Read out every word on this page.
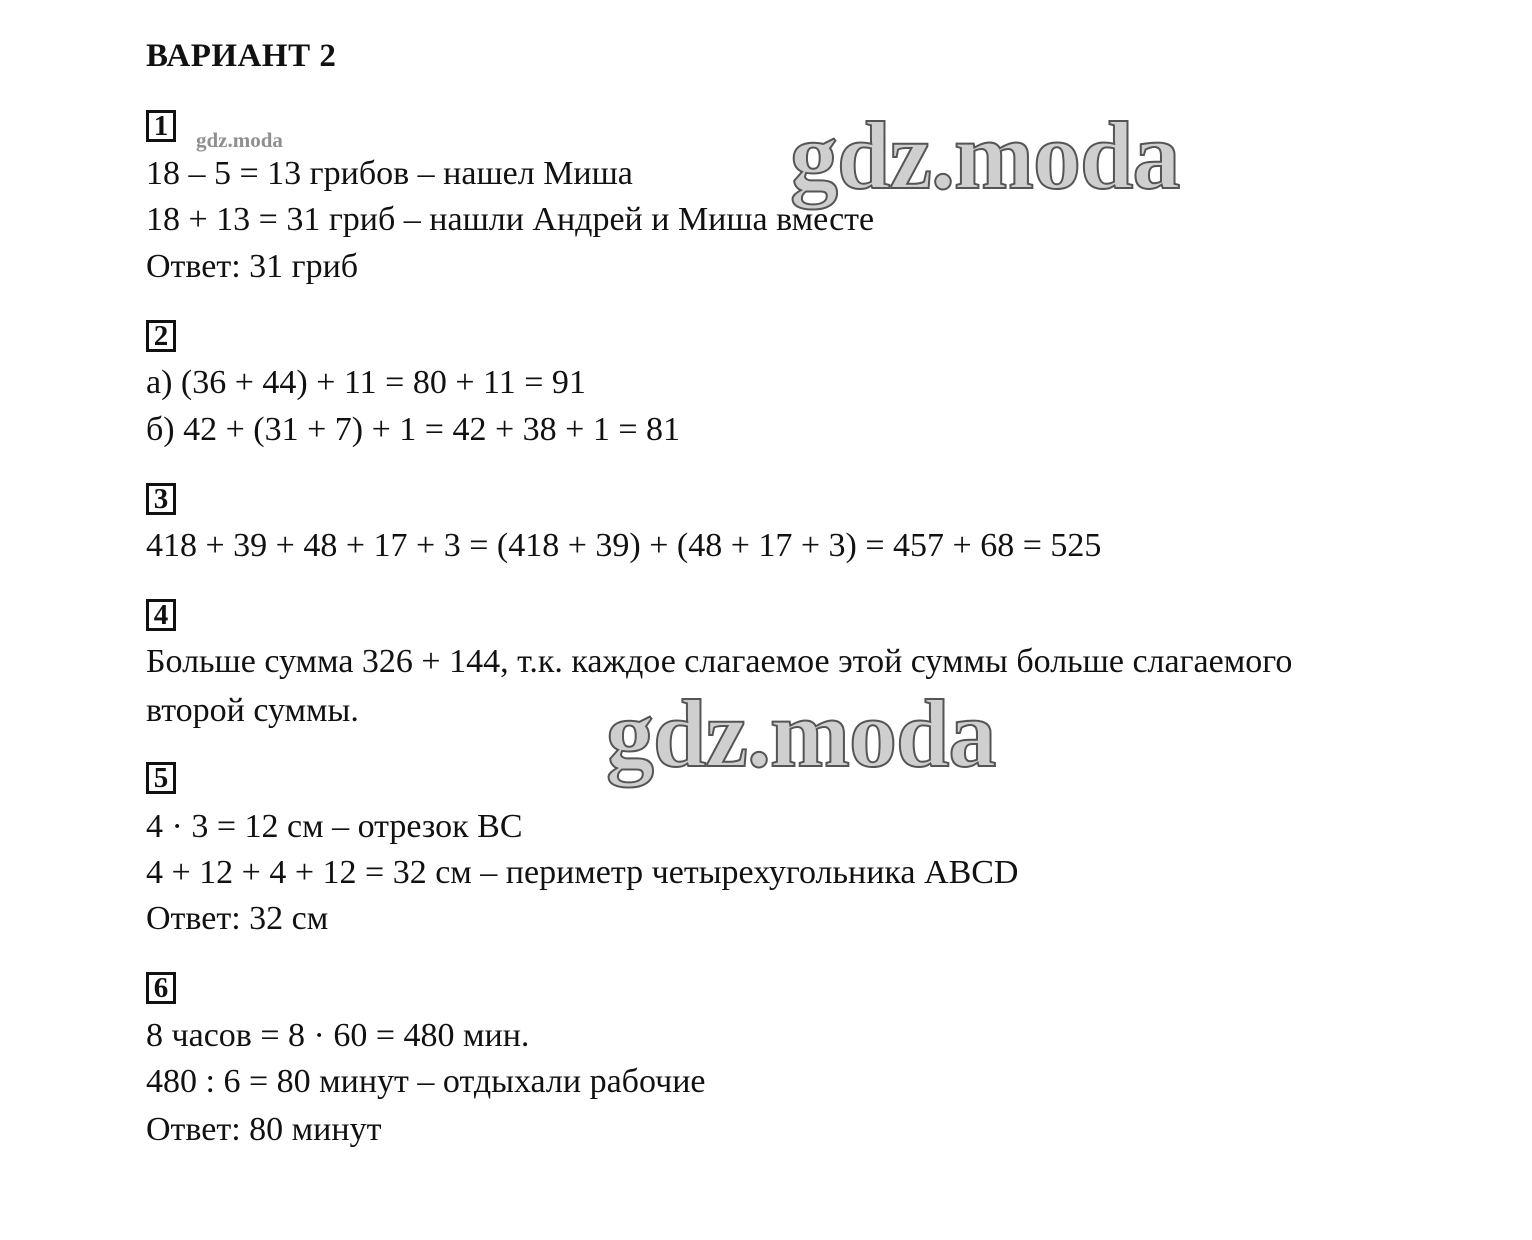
ВАРИАНТ 2
1	gdz.moda
18 – 5 = 13 грибов – нашел Миша
18 + 13 = 31 гриб – нашли Андрей и Миша вместе
Ответ: 31 гриб
2
а) (36 + 44) + 11 = 80 + 11 = 91
б) 42 + (31 + 7) + 1 = 42 + 38 + 1 = 81
3
418 + 39 + 48 + 17 + 3 = (418 + 39) + (48 + 17 + 3) = 457 + 68 = 525
4
Больше сумма 326 + 144, т.к. каждое слагаемое этой суммы больше слагаемого
второй суммы.
5
4 · 3 = 12 см – отрезок ВС
4 + 12 + 4 + 12 = 32 см – периметр четырехугольника ABCD
Ответ: 32 см
6
8 часов = 8 · 60 = 480 мин.
480 : 6 = 80 минут – отдыхали рабочие
Ответ: 80 минут
gdz.moda
gdz.moda
